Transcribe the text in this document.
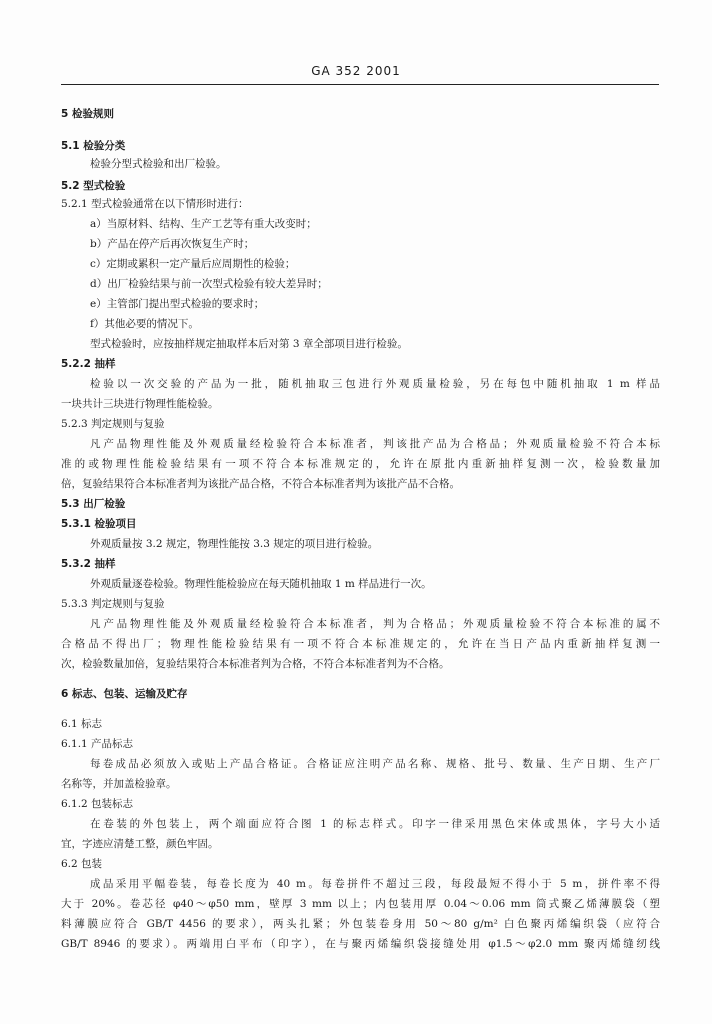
GA 352 2001
5 检验规则
5.1 检验分类
检验分型式检验和出厂检验。
5.2 型式检验
5.2.1 型式检验通常在以下情形时进行：
a）当原材料、结构、生产工艺等有重大改变时；
b）产品在停产后再次恢复生产时；
c）定期或累积一定产量后应周期性的检验；
d）出厂检验结果与前一次型式检验有较大差异时；
e）主管部门提出型式检验的要求时；
f）其他必要的情况下。
型式检验时，应按抽样规定抽取样本后对第 3 章全部项目进行检验。
5.2.2 抽样
检验以一次交验的产品为一批，随机抽取三包进行外观质量检验，另在每包中随机抽取 1 m 样品
一块共计三块进行物理性能检验。
5.2.3 判定规则与复验
凡产品物理性能及外观质量经检验符合本标准者，判该批产品为合格品；外观质量检验不符合本标
准的或物理性能检验结果有一项不符合本标准规定的，允许在原批内重新抽样复测一次，检验数量加
倍，复验结果符合本标准者判为该批产品合格，不符合本标准者判为该批产品不合格。
5.3 出厂检验
5.3.1 检验项目
外观质量按 3.2 规定，物理性能按 3.3 规定的项目进行检验。
5.3.2 抽样
外观质量逐卷检验。物理性能检验应在每天随机抽取 1 m 样品进行一次。
5.3.3 判定规则与复验
凡产品物理性能及外观质量经检验符合本标准者，判为合格品；外观质量检验不符合本标准的属不
合格品不得出厂；物理性能检验结果有一项不符合本标准规定的，允许在当日产品内重新抽样复测一
次，检验数量加倍，复验结果符合本标准者判为合格，不符合本标准者判为不合格。
6 标志、包装、运输及贮存
6.1 标志
6.1.1 产品标志
每卷成品必须放入或贴上产品合格证。合格证应注明产品名称、规格、批号、数量、生产日期、生产厂
名称等，并加盖检验章。
6.1.2 包装标志
在卷装的外包装上，两个端面应符合图 1 的标志样式。印字一律采用黑色宋体或黑体，字号大小适
宜，字迹应清楚工整，颜色牢固。
6.2 包装
成品采用平幅卷装，每卷长度为 40 m。每卷拼件不超过三段，每段最短不得小于 5 m，拼件率不得
大于 20%。卷芯径 φ40～φ50 mm，壁厚 3 mm 以上；内包装用厚 0.04～0.06 mm 筒式聚乙烯薄膜袋（塑
料薄膜应符合 GB/T 4456 的要求），两头扎紧；外包装卷身用 50～80 g/m² 白色聚丙烯编织袋（应符合
GB/T 8946 的要求）。两端用白平布（印字），在与聚丙烯编织袋接缝处用 φ1.5～φ2.0 mm 聚丙烯缝纫线
